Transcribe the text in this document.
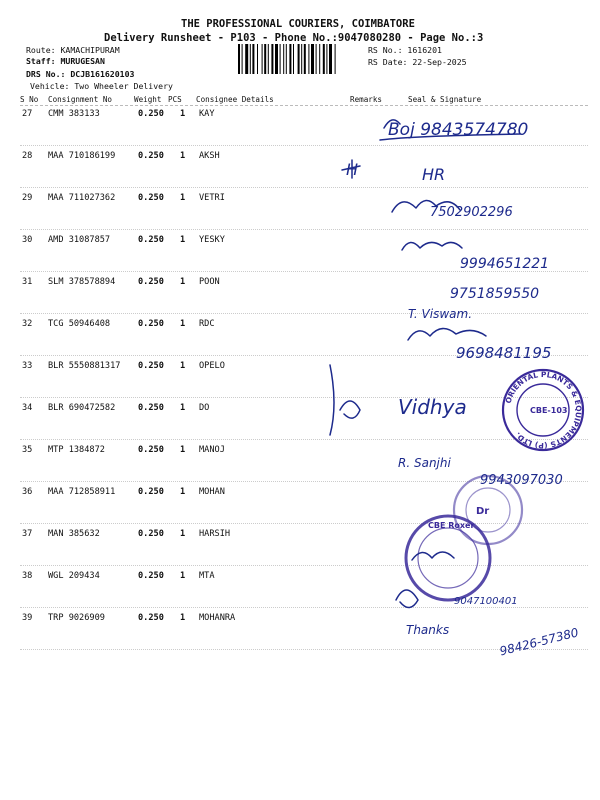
THE PROFESSIONAL COURIERS, COIMBATORE
Delivery Runsheet - P103 - Phone No.:9047080280 - Page No.:3
Route: KAMACHIPURAM
Staff: MURUGESAN
DRS No.: DCJB161620103
Vehicle: Two Wheeler Delivery
RS No.: 1616201
RS Date: 22-Sep-2025
S No Consignment No	Weight PCS Consignee Details	Remarks	Seal & Signature
27 CMM 383133	0.250 1 KAY
28 MAA 710186199	0.250 1 AKSH
29 MAA 711027362	0.250 1 VETRI
30 AMD 31087857	0.250 1 YESKY
31 SLM 378578894	0.250 1 POON
32 TCG 50946408	0.250 1 RDC
33 BLR 5550881317 0.250 1 OPELO
34 BLR 690472582	0.250 1 DO
35 MTP 1384872	0.250 1 MANOJ
36 MAA 712858911	0.250 1 MOHAN
37 MAN 385632	0.250 1 HARSIH
38 WGL 209434	0.250 1 MTA
39 TRP 9026909	0.250 1 MOHANRA
ORIENTAL PLANTS & EQUIPMENTS (P) LTD.
CBE-103
CBE Roxer
Dr
Boj 9843574780
H	HR
7502902296
9994651221
9751859550
T. Viswam.
9698481195
Vidhya
R. Sanjhi
9943097030
9047100401
Thanks	98426-57380
